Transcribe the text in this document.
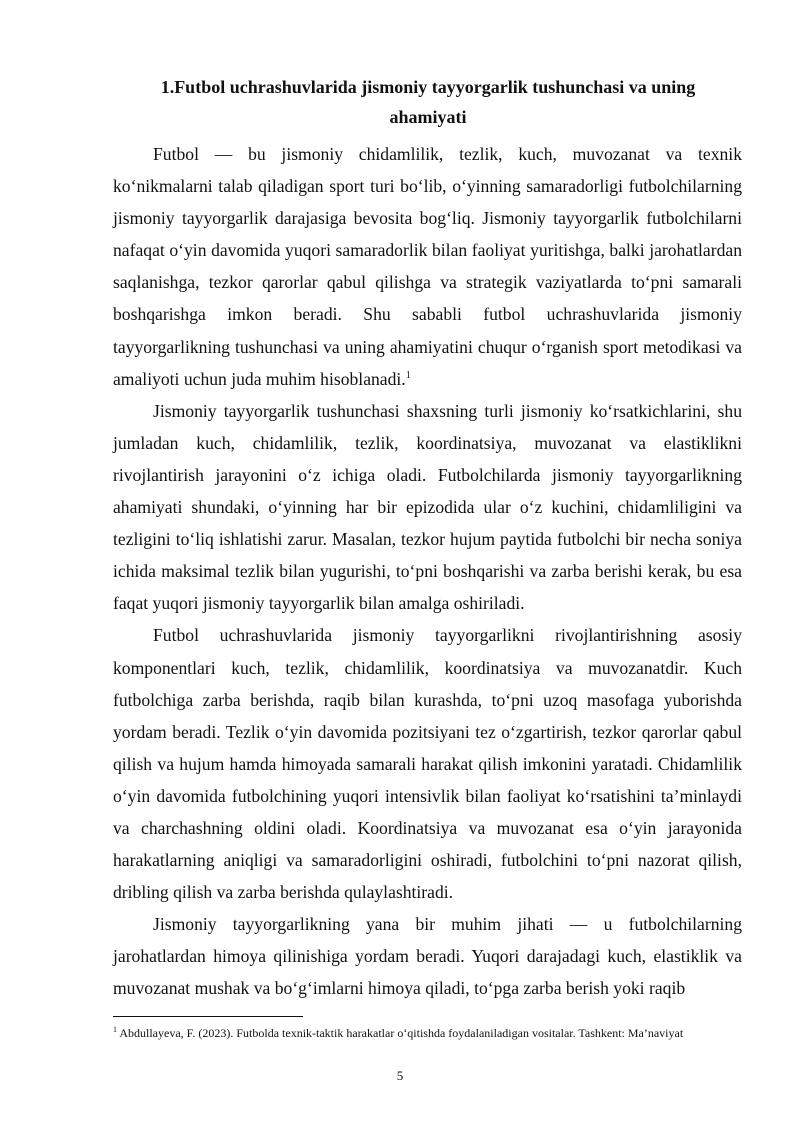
1.Futbol uchrashuvlarida jismoniy tayyorgarlik tushunchasi va uning
ahamiyati

Futbol — bu jismoniy chidamlilik, tezlik, kuch, muvozanat va texnik ko‘nikmalarni talab qiladigan sport turi bo‘lib, o‘yinning samaradorligi futbolchilarning jismoniy tayyorgarlik darajasiga bevosita bog‘liq. Jismoniy tayyorgarlik futbolchilarni nafaqat o‘yin davomida yuqori samaradorlik bilan faoliyat yuritishga, balki jarohatlardan saqlanishga, tezkor qarorlar qabul qilishga va strategik vaziyatlarda to‘pni samarali boshqarishga imkon beradi. Shu sababli futbol uchrashuvlarida jismoniy tayyorgarlikning tushunchasi va uning ahamiyatini chuqur o‘rganish sport metodikasi va amaliyoti uchun juda muhim hisoblanadi.$^1$

Jismoniy tayyorgarlik tushunchasi shaxsning turli jismoniy ko‘rsatkichlarini, shu jumladan kuch, chidamlilik, tezlik, koordinatsiya, muvozanat va elastiklikni rivojlantirish jarayonini o‘z ichiga oladi. Futbolchilarda jismoniy tayyorgarlikning ahamiyati shundaki, o‘yinning har bir epizodida ular o‘z kuchini, chidamliligini va tezligini to‘liq ishlatishi zarur. Masalan, tezkor hujum paytida futbolchi bir necha soniya ichida maksimal tezlik bilan yugurishi, to‘pni boshqarishi va zarba berishi kerak, bu esa faqat yuqori jismoniy tayyorgarlik bilan amalga oshiriladi.

Futbol uchrashuvlarida jismoniy tayyorgarlikni rivojlantirishning asosiy komponentlari kuch, tezlik, chidamlilik, koordinatsiya va muvozanatdir. Kuch futbolchiga zarba berishda, raqib bilan kurashda, to‘pni uzoq masofaga yuborishda yordam beradi. Tezlik o‘yin davomida pozitsiyani tez o‘zgartirish, tezkor qarorlar qabul qilish va hujum hamda himoyada samarali harakat qilish imkonini yaratadi. Chidamlilik o‘yin davomida futbolchining yuqori intensivlik bilan faoliyat ko‘rsatishini ta’minlaydi va charchashning oldini oladi. Koordinatsiya va muvozanat esa o‘yin jarayonida harakatlarning aniqligi va samaradorligini oshiradi, futbolchini to‘pni nazorat qilish, dribling qilish va zarba berishda qulaylashtiradi.

Jismoniy tayyorgarlikning yana bir muhim jihati — u futbolchilarning jarohatlardan himoya qilinishiga yordam beradi. Yuqori darajadagi kuch, elastiklik va muvozanat mushak va bo‘g‘imlarni himoya qiladi, to‘pga zarba berish yoki raqib

$^1$ Abdullayeva, F. (2023). Futbolda texnik-taktik harakatlar o‘qitishda foydalaniladigan vositalar. Tashkent: Ma’naviyat
5
